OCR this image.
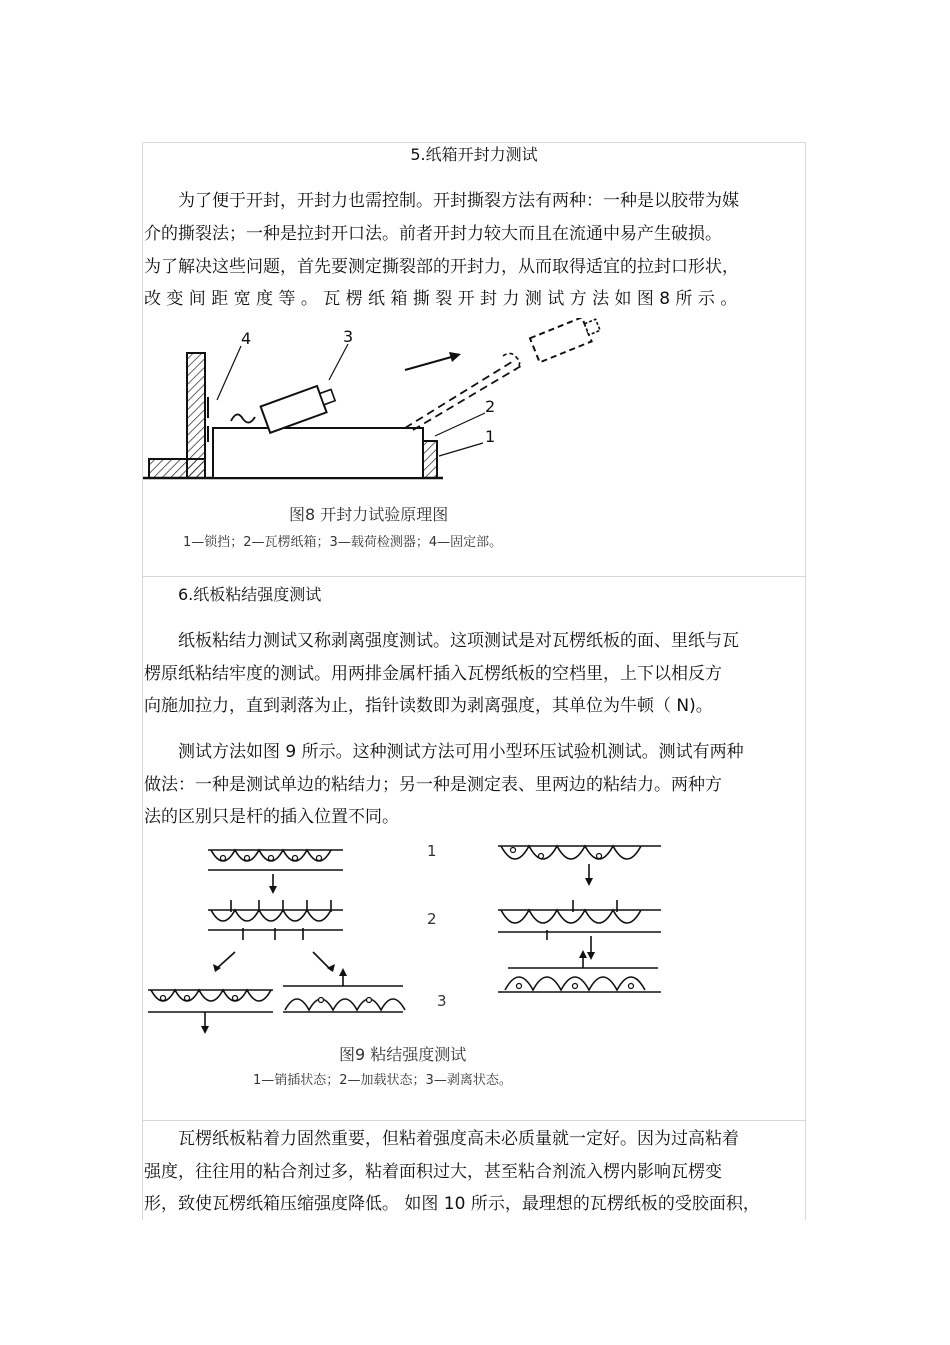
5.纸箱开封力测试
为了便于开封，开封力也需控制。开封撕裂方法有两种：一种是以胶带为媒
介的撕裂法；一种是拉封开口法。前者开封力较大而且在流通中易产生破损。
为了解决这些问题，首先要测定撕裂部的开封力，从而取得适宜的拉封口形状，
改 变 间 距 宽 度 等 。 瓦 楞 纸 箱 撕 裂 开 封 力 测 试 方 法 如 图 8 所 示 。
4	3
2
1
图8 开封力试验原理图
1—锁挡；2—瓦楞纸箱；3—载荷检测器；4—固定部。
6.纸板粘结强度测试
纸板粘结力测试又称剥离强度测试。这项测试是对瓦楞纸板的面、里纸与瓦
楞原纸粘结牢度的测试。用两排金属杆插入瓦楞纸板的空档里，上下以相反方
向施加拉力，直到剥落为止，指针读数即为剥离强度，其单位为牛顿（ N)。
测试方法如图 9 所示。这种测试方法可用小型环压试验机测试。测试有两种
做法：一种是测试单边的粘结力；另一种是测定表、里两边的粘结力。两种方
法的区别只是杆的插入位置不同。
1
2
3
图9 粘结强度测试
1—销插状态；2—加载状态；3—剥离状态。
瓦楞纸板粘着力固然重要，但粘着强度高未必质量就一定好。因为过高粘着
强度，往往用的粘合剂过多，粘着面积过大，甚至粘合剂流入楞内影响瓦楞变
形，致使瓦楞纸箱压缩强度降低。 如图 10 所示，最理想的瓦楞纸板的受胶面积，
